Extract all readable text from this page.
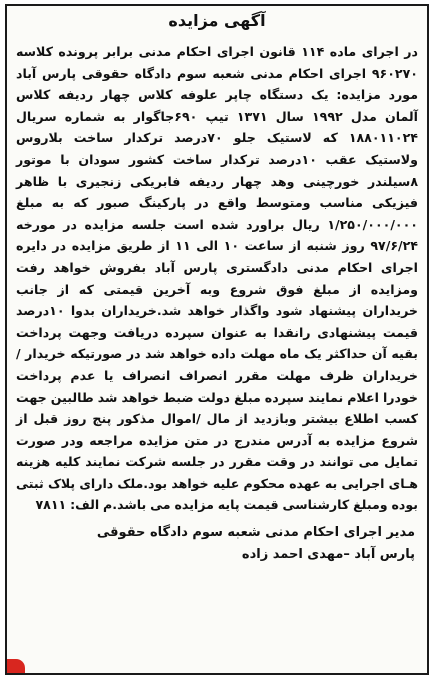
آگهی مزایده
در اجرای ماده ۱۱۴ قانون اجرای احکام مدنی برابر پرونده کلاسه ۹۶۰۲۷۰ اجرای احکام مدنی شعبه سوم دادگاه حقوقی پارس آباد مورد مزایده: یک دستگاه چاپر علوفه کلاس چهار ردیفه کلاس آلمان مدل ۱۹۹۲ سال ۱۳۷۱ تیپ ۶۹۰جاگوار به شماره سریال ۱۸۸۰۱۱۰۲۴ که لاستیک جلو ۷۰درصد ترکدار ساخت بلاروس ولاستیک عقب ۱۰درصد ترکدار ساخت کشور سودان با موتور ۸سیلندر خورچینی وهد چهار ردیفه فابریکی زنجیری با ظاهر فیزیکی مناسب ومتوسط واقع در پارکینگ صبور که به مبلغ ۱/۲۵۰/۰۰۰/۰۰۰ ریال براورد شده است جلسه مزایده در مورخه ۹۷/۶/۲۴ روز شنبه از ساعت ۱۰ الی ۱۱ از طریق مزایده در دایره اجرای احکام مدنی دادگستری پارس آباد بفروش خواهد رفت ومزایده از مبلغ فوق شروع وبه آخرین قیمتی که از جانب خریداران پیشنهاد شود واگذار خواهد شد.خریداران بدوا ۱۰درصد قیمت پیشنهادی رانقدا به عنوان سپرده دریافت وجهت پرداخت بقیه آن حداکثر یک ماه مهلت داده خواهد شد در صورتیکه خریدار /خریداران ظرف مهلت مقرر انصراف انصراف یا عدم پرداخت خودرا اعلام نمایند سپرده مبلغ دولت ضبط خواهد شد طالبین جهت کسب اطلاع بیشتر وبازدید از مال /اموال مذکور پنج روز قبل از شروع مزایده به آدرس مندرج در متن مزایده مراجعه ودر صورت تمایل می توانند در وقت مقرر در جلسه شرکت نمایند کلیه هزینه هـای اجرایی به عهده محکوم علیه خواهد بود.ملک دارای پلاک ثبتی بوده ومبلغ کارشناسی قیمت پایه مزایده می باشد.م الف: ۷۸۱۱
مدیر اجرای احکام مدنی شعبه سوم دادگاه حقوقی
پارس آباد –مهدی احمد زاده
